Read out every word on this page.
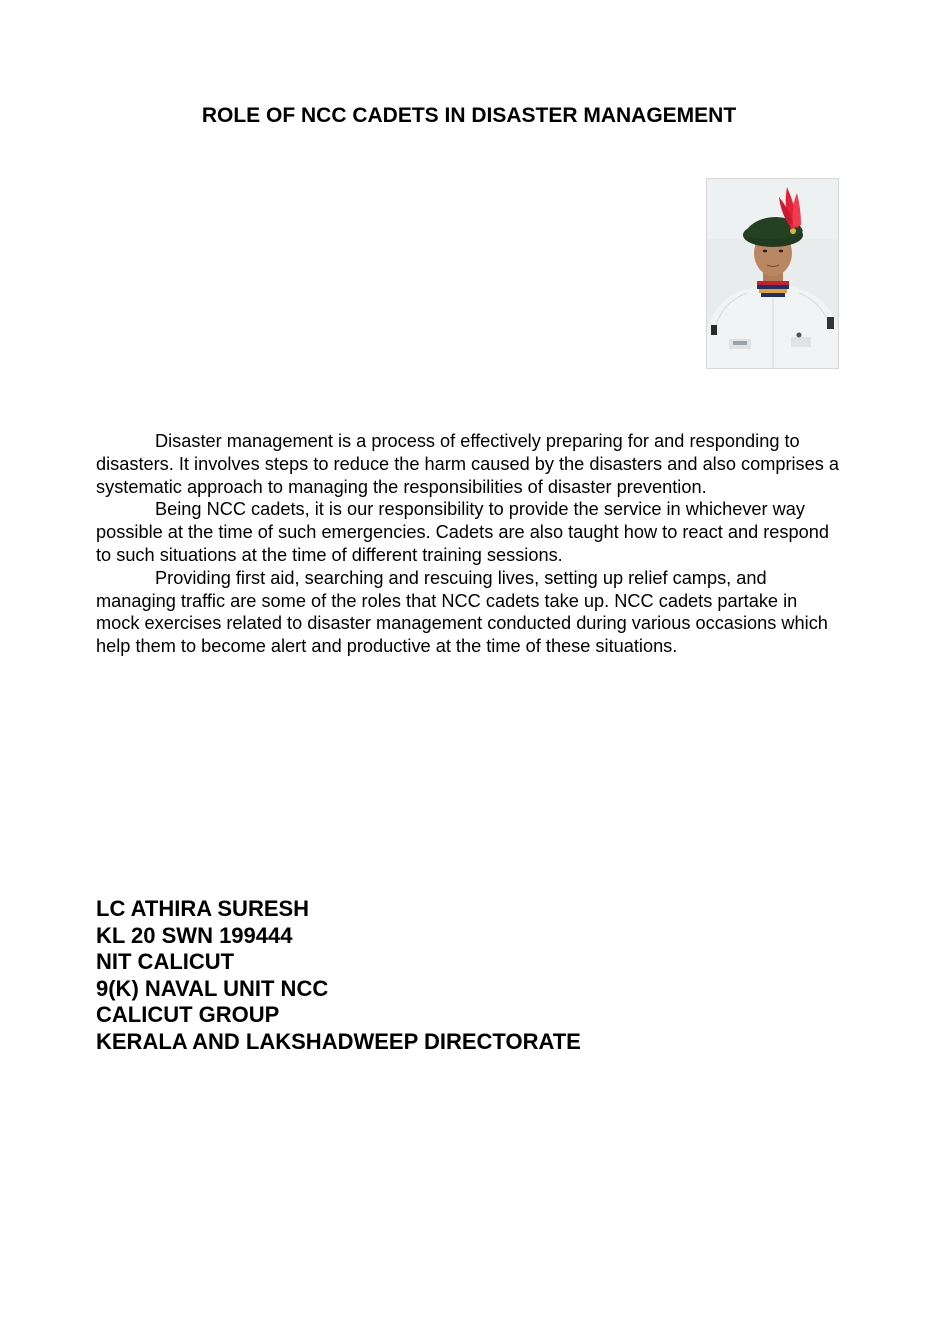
ROLE OF NCC CADETS IN DISASTER MANAGEMENT

Disaster management is a process of effectively preparing for and responding to disasters. It involves steps to reduce the harm caused by the disasters and also comprises a systematic approach to managing the responsibilities of disaster prevention.

Being NCC cadets, it is our responsibility to provide the service in whichever way possible at the time of such emergencies. Cadets are also taught how to react and respond to such situations at the time of different training sessions.

Providing first aid, searching and rescuing lives, setting up relief camps, and managing traffic are some of the roles that NCC cadets take up. NCC cadets partake in mock exercises related to disaster management conducted during various occasions which help them to become alert and productive at the time of these situations.

LC ATHIRA SURESH
KL 20 SWN 199444
NIT CALICUT
9(K) NAVAL UNIT NCC
CALICUT GROUP
KERALA AND LAKSHADWEEP DIRECTORATE
